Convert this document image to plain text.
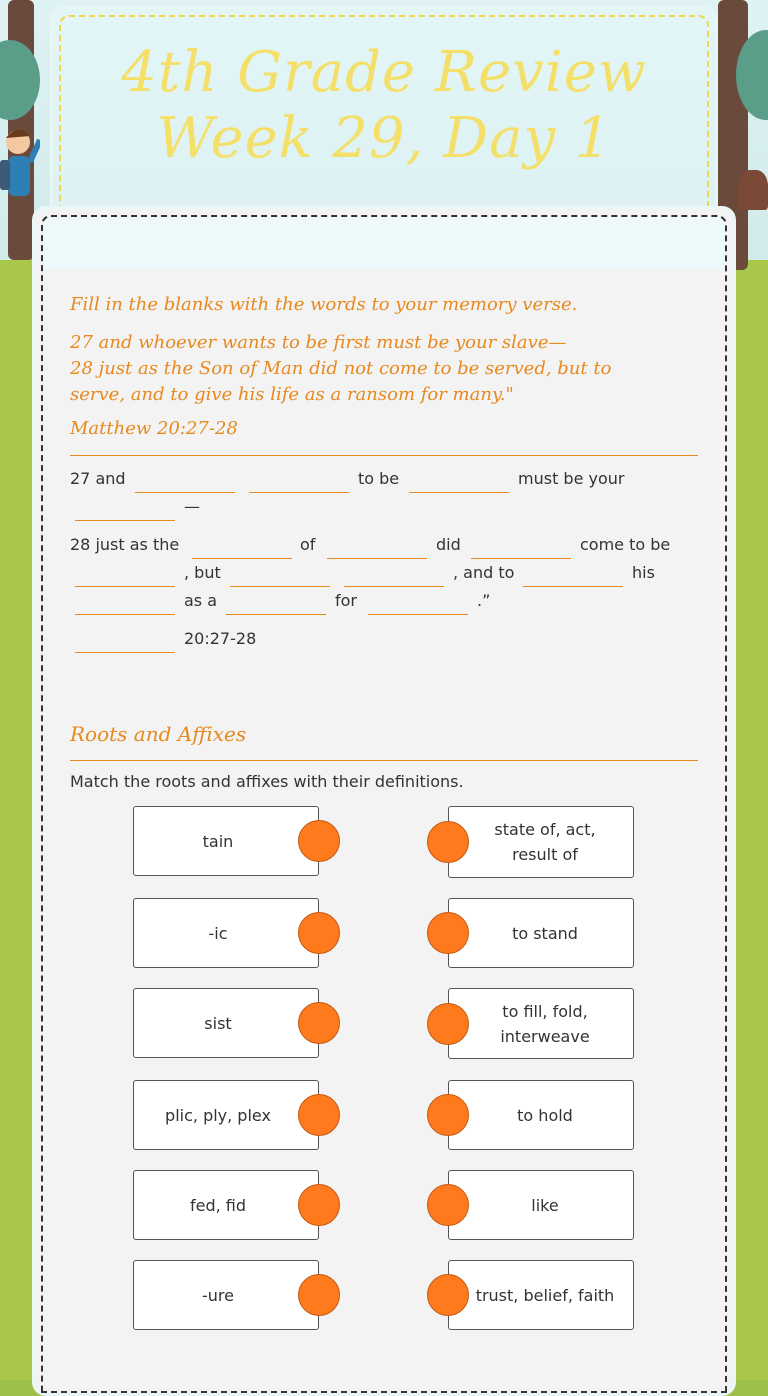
4th Grade Review Week 29, Day 1
Fill in the blanks with the words to your memory verse.
27 and whoever wants to be first must be your slave—
28 just as the Son of Man did not come to be served, but to
serve, and to give his life as a ransom for many."
Matthew 20:27-28
27 and	to be	must be your
—
28 just as the	of	did	come to be
, but	, and to	his
as a	for	.”
20:27-28
Roots and Affixes
Match the roots and affixes with their definitions.
tain
state of, act, result of
-ic	to stand
sist
to fill, fold, interweave
plic, ply, plex	to hold
fed, fid	like
-ure	trust, belief, faith
